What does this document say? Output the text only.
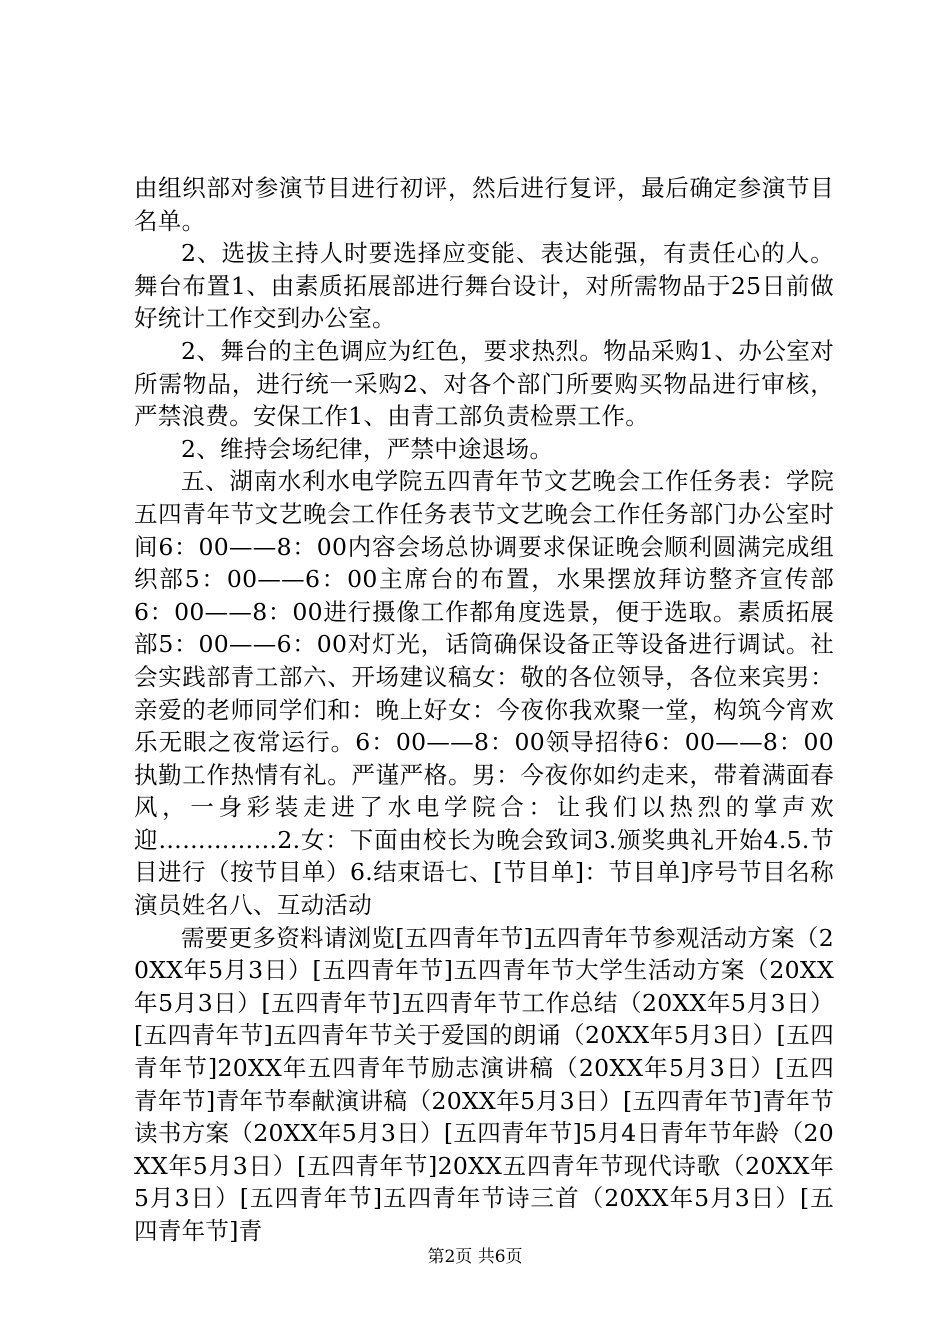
由组织部对参演节目进行初评，然后进行复评，最后确定参演节目名单。

2、选拔主持人时要选择应变能、表达能强，有责任心的人。舞台布置1、由素质拓展部进行舞台设计，对所需物品于25日前做好统计工作交到办公室。

2、舞台的主色调应为红色，要求热烈。物品采购1、办公室对所需物品，进行统一采购2、对各个部门所要购买物品进行审核，严禁浪费。安保工作1、由青工部负责检票工作。

2、维持会场纪律，严禁中途退场。

五、湖南水利水电学院五四青年节文艺晚会工作任务表：学院五四青年节文艺晚会工作任务表节文艺晚会工作任务部门办公室时间6：00——8：00内容会场总协调要求保证晚会顺利圆满完成组织部5：00——6：00主席台的布置，水果摆放拜访整齐宣传部6：00——8：00进行摄像工作都角度选景，便于选取。素质拓展部5：00——6：00对灯光，话筒确保设备正等设备进行调试。社会实践部青工部六、开场建议稿女：敬的各位领导，各位来宾男：亲爱的老师同学们和：晚上好女：今夜你我欢聚一堂，构筑今宵欢乐无眼之夜常运行。6：00——8：00领导招待6：00——8：00执勤工作热情有礼。严谨严格。男：今夜你如约走来，带着满面春风，一身彩装走进了水电学院合：让我们以热烈的掌声欢迎……………2.女：下面由校长为晚会致词3.颁奖典礼开始4.5.节目进行（按节目单）6.结束语七、[节目单]：节目单]序号节目名称演员姓名八、互动活动

需要更多资料请浏览[五四青年节]五四青年节参观活动方案（20XX年5月3日）[五四青年节]五四青年节大学生活动方案（20XX年5月3日）[五四青年节]五四青年节工作总结（20XX年5月3日）[五四青年节]五四青年节关于爱国的朗诵（20XX年5月3日）[五四青年节]20XX年五四青年节励志演讲稿（20XX年5月3日）[五四青年节]青年节奉献演讲稿（20XX年5月3日）[五四青年节]青年节读书方案（20XX年5月3日）[五四青年节]5月4日青年节年龄（20XX年5月3日）[五四青年节]20XX五四青年节现代诗歌（20XX年5月3日）[五四青年节]五四青年节诗三首（20XX年5月3日）[五四青年节]青

第2页 共6页
